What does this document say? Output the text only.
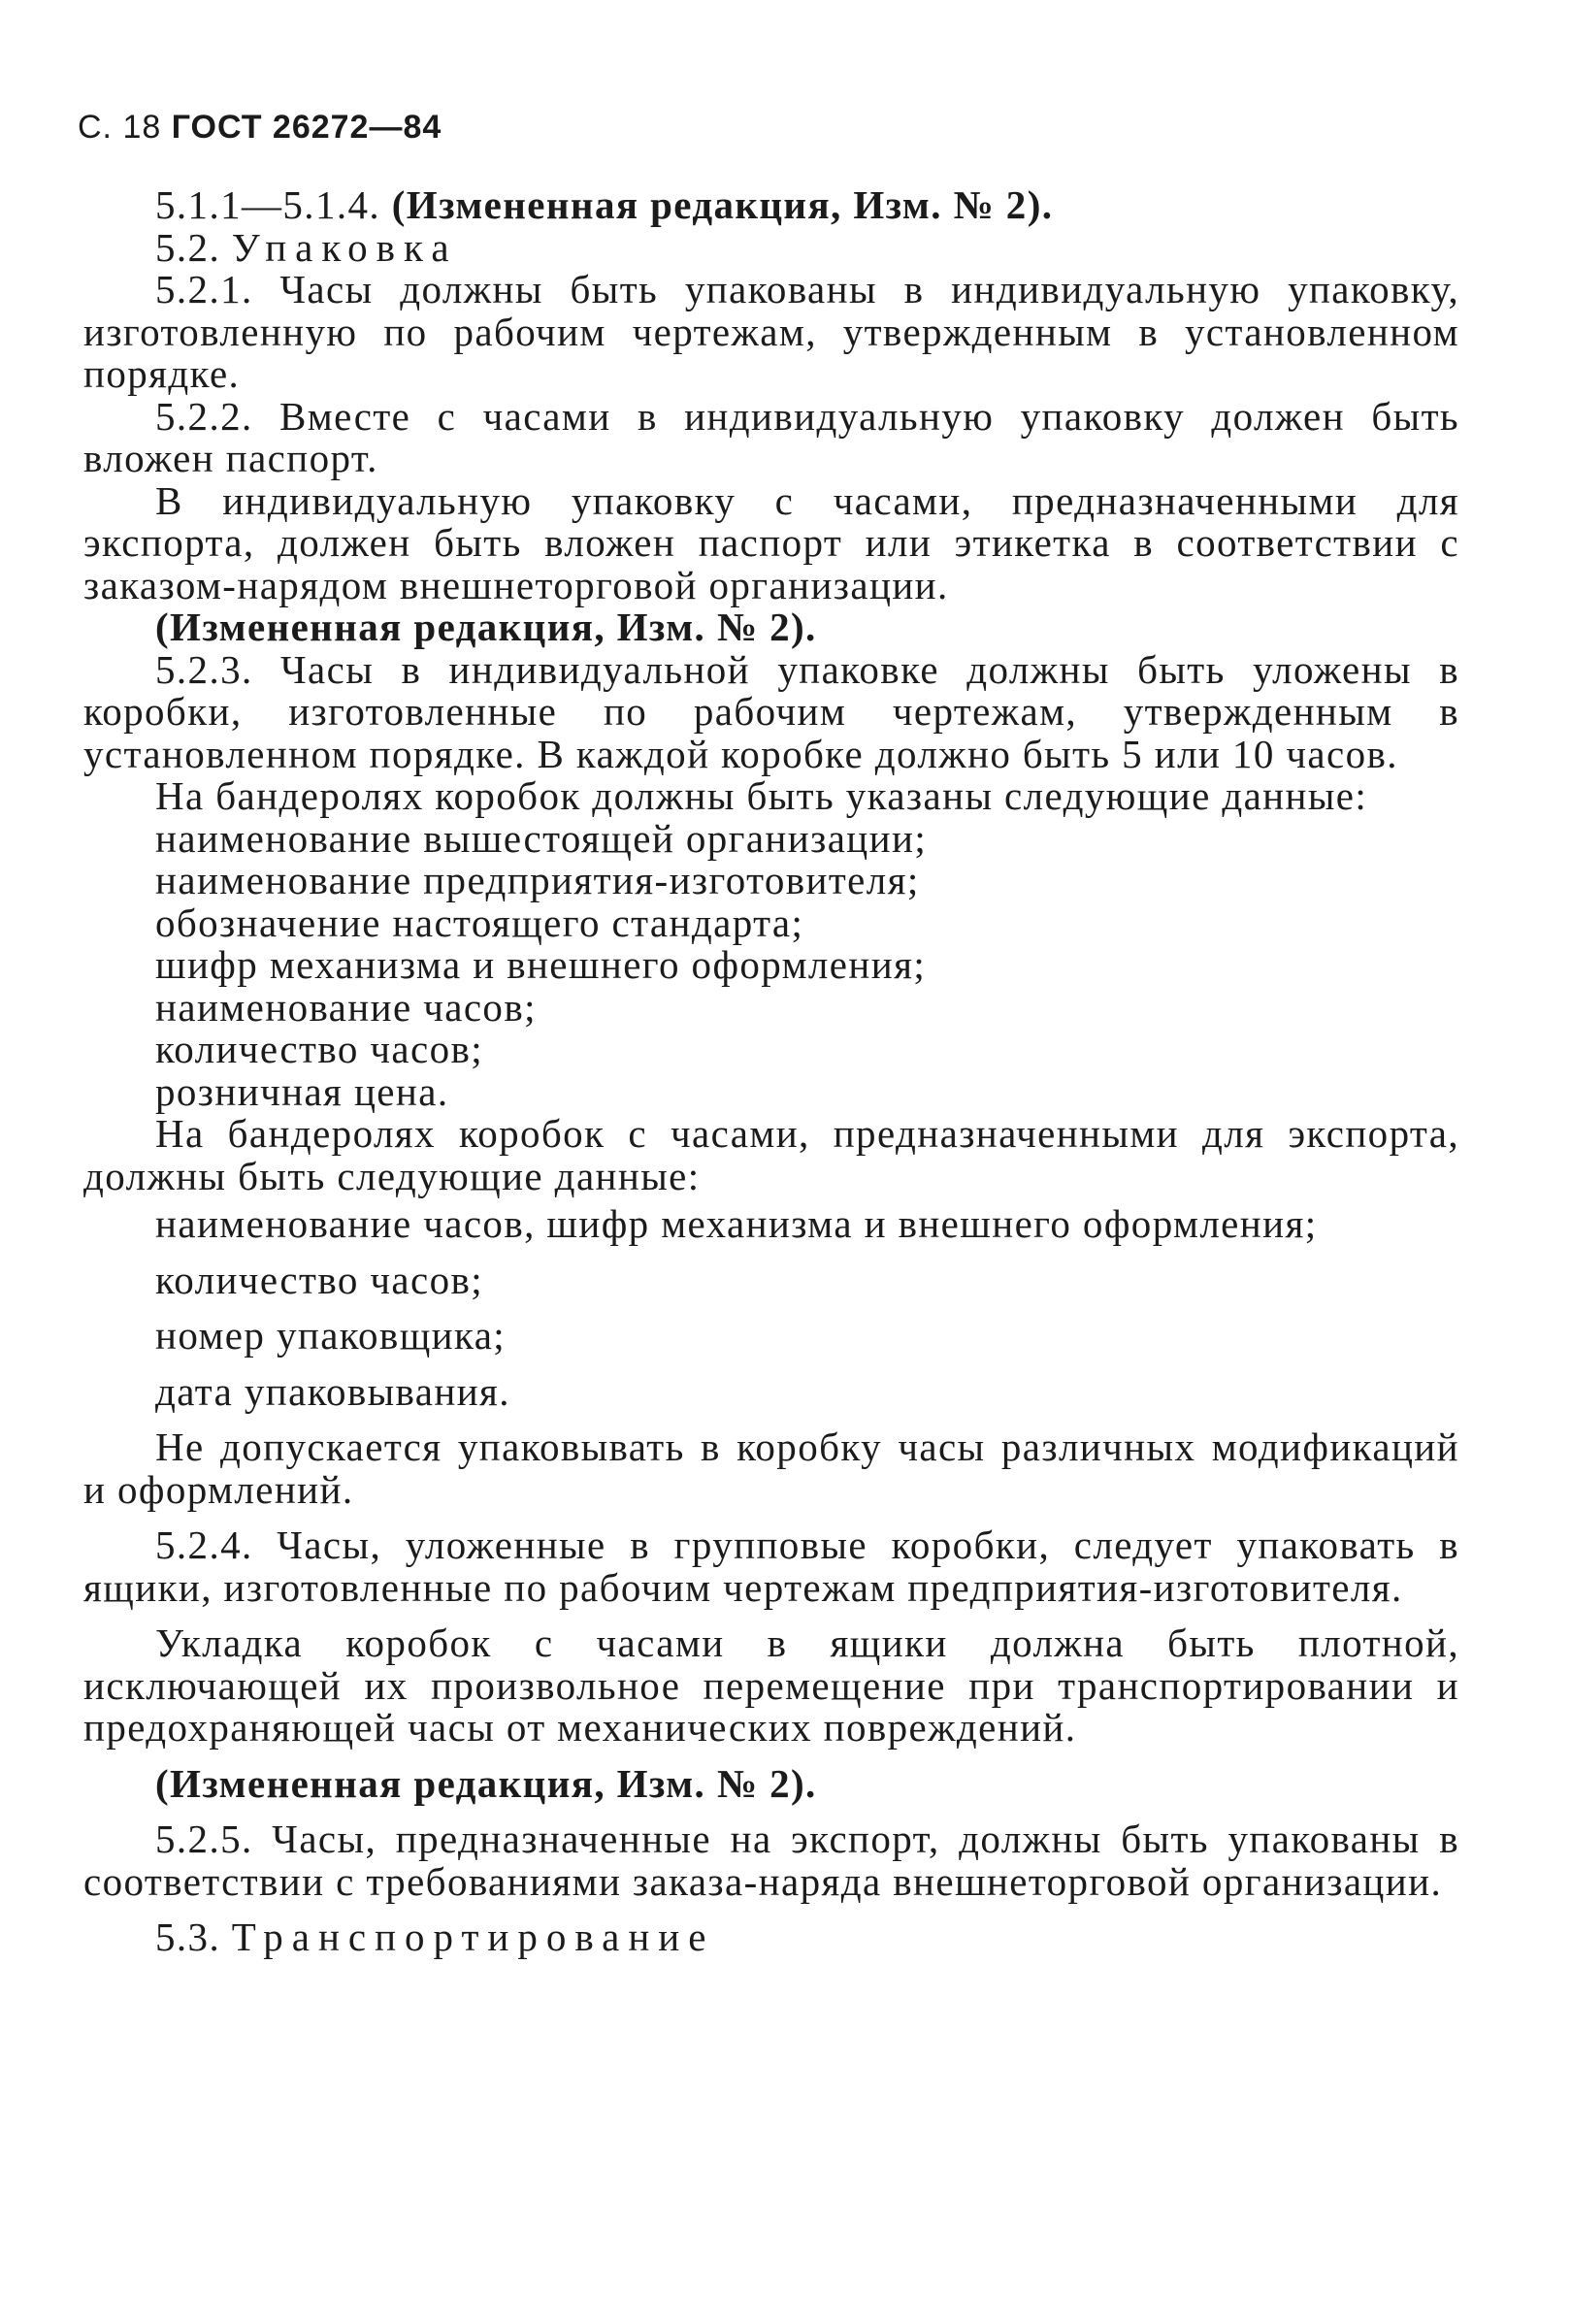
С. 18 ГОСТ 26272—84

5.1.1—5.1.4. (Измененная редакция, Изм. № 2).

5.2. Упаковка

5.2.1. Часы должны быть упакованы в индивидуальную упаковку, изготовленную по рабочим чертежам, утвержденным в установленном порядке.

5.2.2. Вместе с часами в индивидуальную упаковку должен быть вложен паспорт.

В индивидуальную упаковку с часами, предназначенными для экспорта, должен быть вложен паспорт или этикетка в соответствии с заказом-нарядом внешнеторговой организации.

(Измененная редакция, Изм. № 2).

5.2.3. Часы в индивидуальной упаковке должны быть уложены в коробки, изготовленные по рабочим чертежам, утвержденным в установленном порядке. В каждой коробке должно быть 5 или 10 часов.

На бандеролях коробок должны быть указаны следующие данные:

наименование вышестоящей организации;

наименование предприятия-изготовителя;

обозначение настоящего стандарта;

шифр механизма и внешнего оформления;

наименование часов;

количество часов;

розничная цена.

На бандеролях коробок с часами, предназначенными для экспорта, должны быть следующие данные:

наименование часов, шифр механизма и внешнего оформления;

количество часов;

номер упаковщика;

дата упаковывания.

Не допускается упаковывать в коробку часы различных модификаций и оформлений.

5.2.4. Часы, уложенные в групповые коробки, следует упаковать в ящики, изготовленные по рабочим чертежам предприятия-изготовителя.

Укладка коробок с часами в ящики должна быть плотной, исключающей их произвольное перемещение при транспортировании и предохраняющей часы от механических повреждений.

(Измененная редакция, Изм. № 2).

5.2.5. Часы, предназначенные на экспорт, должны быть упакованы в соответствии с требованиями заказа-наряда внешнеторговой организации.

5.3. Транспортирование
